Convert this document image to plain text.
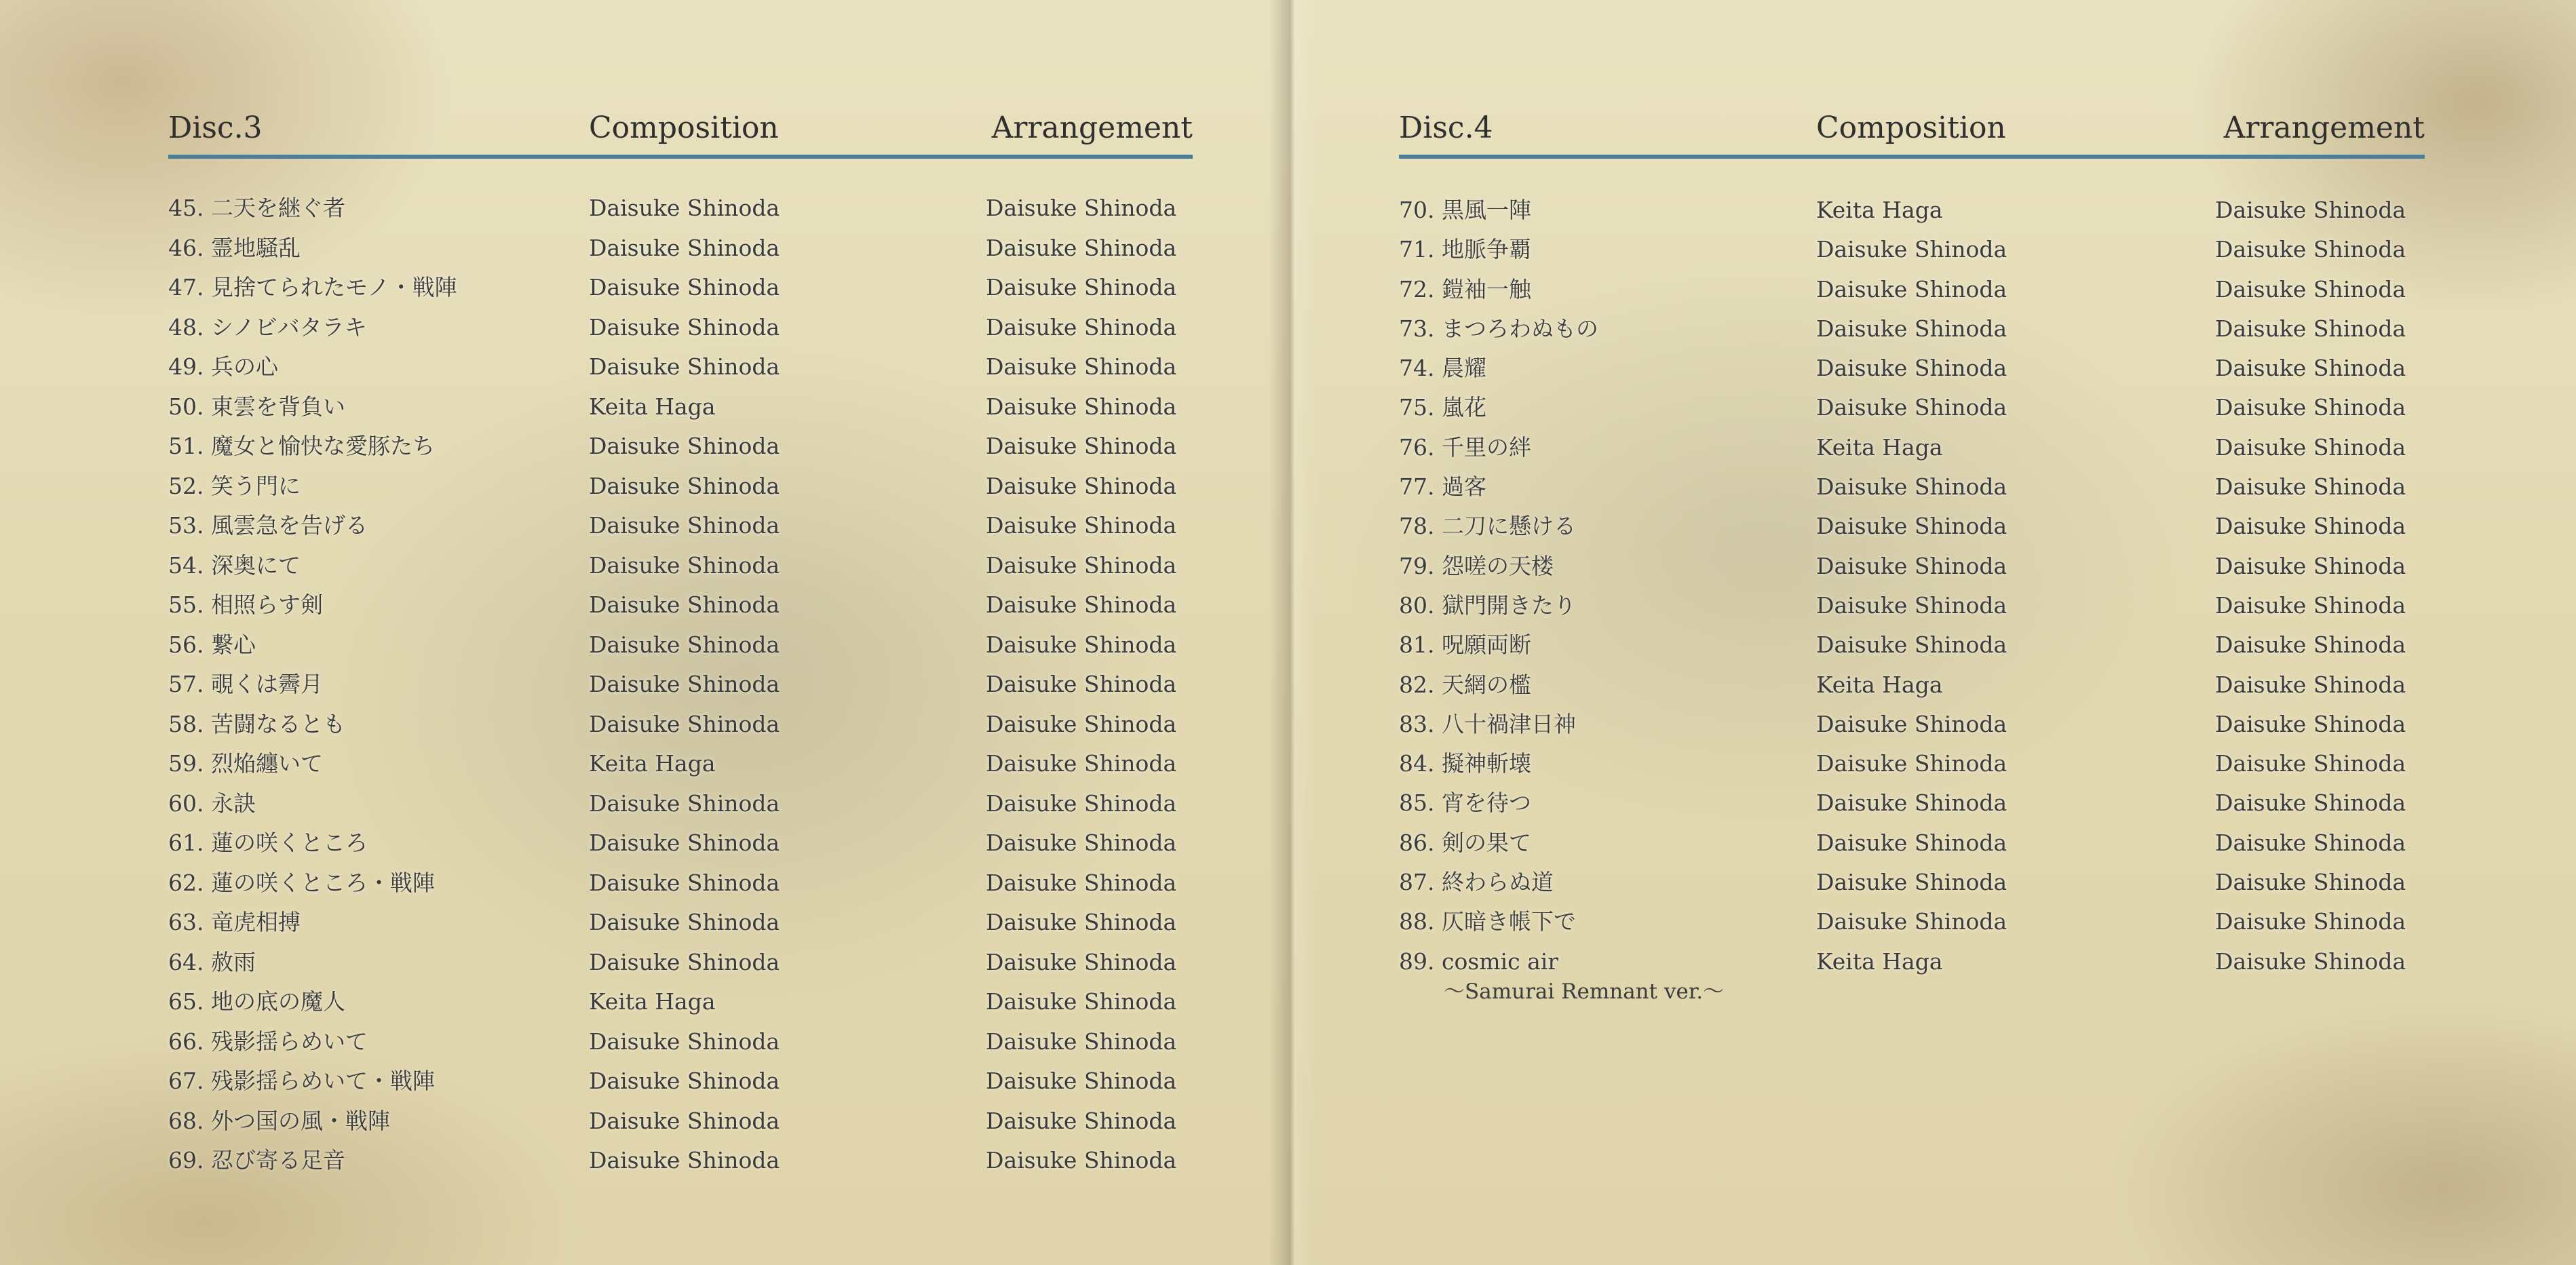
Disc.3	Composition	Arrangement
45. 二天を継ぐ者	Daisuke Shinoda	Daisuke Shinoda
46. 霊地騒乱	Daisuke Shinoda	Daisuke Shinoda
47. 見捨てられたモノ・戦陣	Daisuke Shinoda	Daisuke Shinoda
48. シノビバタラキ	Daisuke Shinoda	Daisuke Shinoda
49. 兵の心	Daisuke Shinoda	Daisuke Shinoda
50. 東雲を背負い	Keita Haga	Daisuke Shinoda
51. 魔女と愉快な愛豚たち	Daisuke Shinoda	Daisuke Shinoda
52. 笑う門に	Daisuke Shinoda	Daisuke Shinoda
53. 風雲急を告げる	Daisuke Shinoda	Daisuke Shinoda
54. 深奥にて	Daisuke Shinoda	Daisuke Shinoda
55. 相照らす剣	Daisuke Shinoda	Daisuke Shinoda
56. 繋心	Daisuke Shinoda	Daisuke Shinoda
57. 覗くは霽月	Daisuke Shinoda	Daisuke Shinoda
58. 苦闘なるとも	Daisuke Shinoda	Daisuke Shinoda
59. 烈焔纏いて	Keita Haga	Daisuke Shinoda
60. 永訣	Daisuke Shinoda	Daisuke Shinoda
61. 蓮の咲くところ	Daisuke Shinoda	Daisuke Shinoda
62. 蓮の咲くところ・戦陣	Daisuke Shinoda	Daisuke Shinoda
63. 竜虎相搏	Daisuke Shinoda	Daisuke Shinoda
64. 赦雨	Daisuke Shinoda	Daisuke Shinoda
65. 地の底の魔人	Keita Haga	Daisuke Shinoda
66. 残影揺らめいて	Daisuke Shinoda	Daisuke Shinoda
67. 残影揺らめいて・戦陣	Daisuke Shinoda	Daisuke Shinoda
68. 外つ国の風・戦陣	Daisuke Shinoda	Daisuke Shinoda
69. 忍び寄る足音	Daisuke Shinoda	Daisuke Shinoda
Disc.4	Composition	Arrangement
70. 黒風一陣	Keita Haga	Daisuke Shinoda
71. 地脈争覇	Daisuke Shinoda	Daisuke Shinoda
72. 鎧袖一触	Daisuke Shinoda	Daisuke Shinoda
73. まつろわぬもの	Daisuke Shinoda	Daisuke Shinoda
74. 晨耀	Daisuke Shinoda	Daisuke Shinoda
75. 嵐花	Daisuke Shinoda	Daisuke Shinoda
76. 千里の絆	Keita Haga	Daisuke Shinoda
77. 過客	Daisuke Shinoda	Daisuke Shinoda
78. 二刀に懸ける	Daisuke Shinoda	Daisuke Shinoda
79. 怨嗟の天楼	Daisuke Shinoda	Daisuke Shinoda
80. 獄門開きたり	Daisuke Shinoda	Daisuke Shinoda
81. 呪願両断	Daisuke Shinoda	Daisuke Shinoda
82. 天網の檻	Keita Haga	Daisuke Shinoda
83. 八十禍津日神	Daisuke Shinoda	Daisuke Shinoda
84. 擬神斬壊	Daisuke Shinoda	Daisuke Shinoda
85. 宵を待つ	Daisuke Shinoda	Daisuke Shinoda
86. 剣の果て	Daisuke Shinoda	Daisuke Shinoda
87. 終わらぬ道	Daisuke Shinoda	Daisuke Shinoda
88. 仄暗き帳下で	Daisuke Shinoda	Daisuke Shinoda
89. cosmic air	Keita Haga	Daisuke Shinoda
～Samurai Remnant ver.～
